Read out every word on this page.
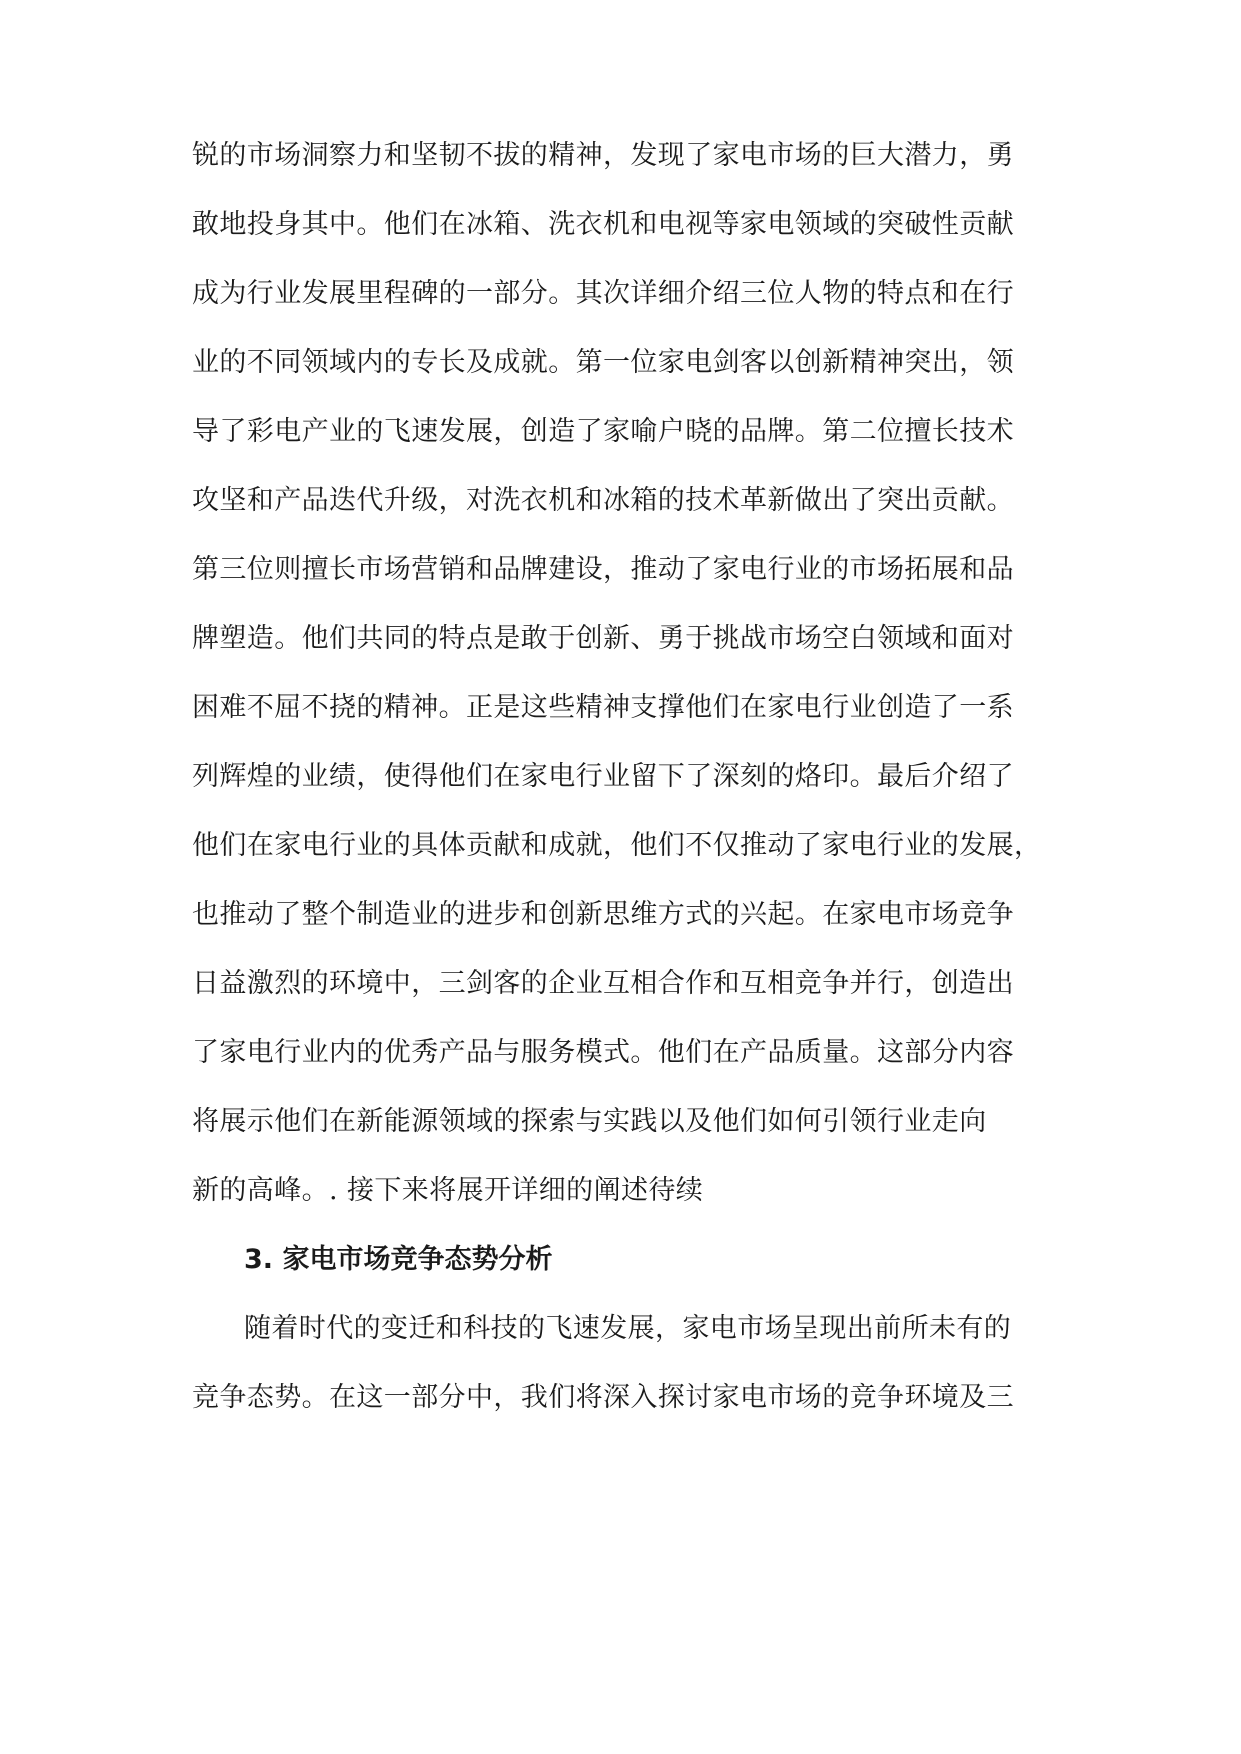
锐的市场洞察力和坚韧不拔的精神，发现了家电市场的巨大潜力，勇
敢地投身其中。他们在冰箱、洗衣机和电视等家电领域的突破性贡献
成为行业发展里程碑的一部分。其次详细介绍三位人物的特点和在行
业的不同领域内的专长及成就。第一位家电剑客以创新精神突出，领
导了彩电产业的飞速发展，创造了家喻户晓的品牌。第二位擅长技术
攻坚和产品迭代升级，对洗衣机和冰箱的技术革新做出了突出贡献。
第三位则擅长市场营销和品牌建设，推动了家电行业的市场拓展和品
牌塑造。他们共同的特点是敢于创新、勇于挑战市场空白领域和面对
困难不屈不挠的精神。正是这些精神支撑他们在家电行业创造了一系
列辉煌的业绩，使得他们在家电行业留下了深刻的烙印。最后介绍了
他们在家电行业的具体贡献和成就，他们不仅推动了家电行业的发展，
也推动了整个制造业的进步和创新思维方式的兴起。在家电市场竞争
日益激烈的环境中，三剑客的企业互相合作和互相竞争并行，创造出
了家电行业内的优秀产品与服务模式。他们在产品质量。这部分内容
将展示他们在新能源领域的探索与实践以及他们如何引领行业走向
新的高峰。. 接下来将展开详细的阐述待续
3. 家电市场竞争态势分析
随着时代的变迁和科技的飞速发展，家电市场呈现出前所未有的
竞争态势。在这一部分中，我们将深入探讨家电市场的竞争环境及三
